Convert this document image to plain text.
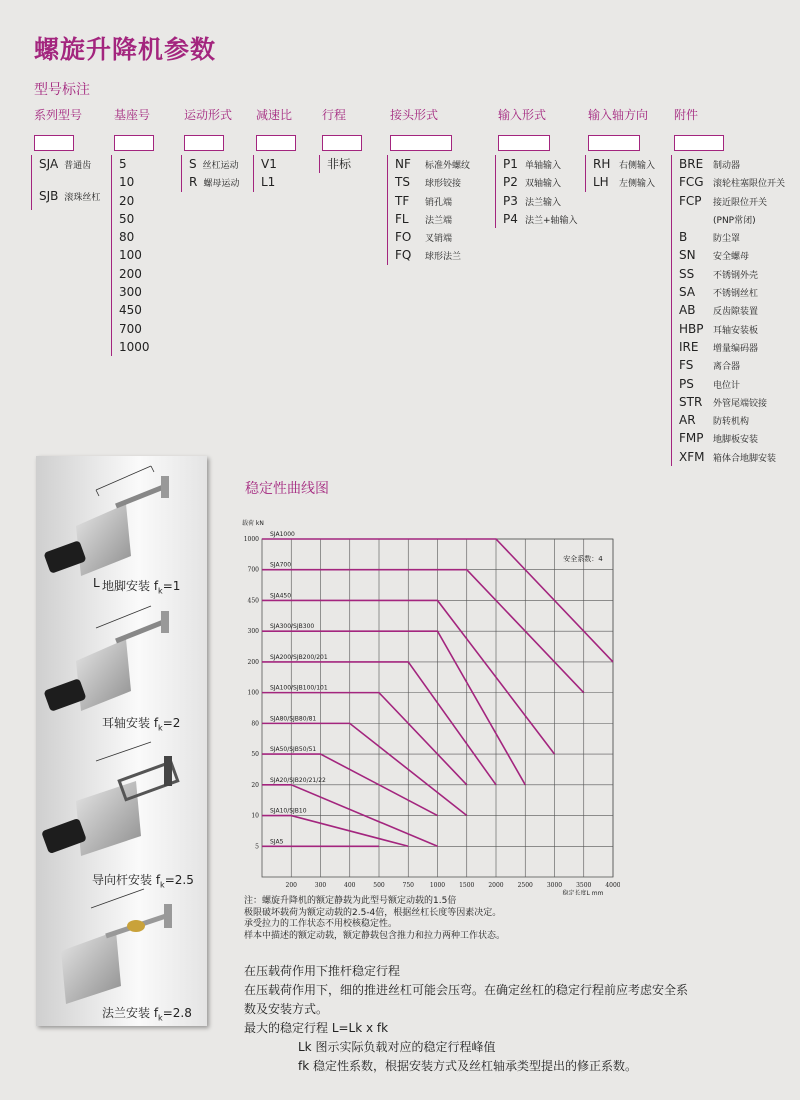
螺旋升降机参数
型号标注
系列型号
SJA 普通齿
SJB 滚珠丝杠
基座号
5
10
20
50
80
100
200
300
450
700
1000
运动形式
S 丝杠运动
R 螺母运动
减速比
V1
L1
行程
非标
接头形式
NF 标准外螺纹
TS 球形铰接
TF 销孔端
FL 法兰端
FO 叉销端
FQ 球形法兰
输入形式
P1 单轴输入
P2 双轴输入
P3 法兰输入
P4 法兰+轴输入
输入轴方向
RH 右侧输入
LH 左侧输入
附件
BRE 制动器
FCG 滚轮柱塞限位开关
FCP 接近限位开关
(PNP常闭)
B	防尘罩
SN 安全螺母
SS 不锈钢外壳
SA 不锈钢丝杠
AB 反齿隙装置
HBP 耳轴安装板
IRE 增量编码器
FS 离合器
PS 电位计
STR 外管尾端铰接
AR 防转机构
FMP 地脚板安装
XFM 箱体合地脚安装
L 地脚安装 $f_k=1$
耳轴安装 $f_k=2$
导向杆安装 $f_k=2.5$
法兰安装 $f_k=2.8$
稳定性曲线图
200	300	400	500	750	1000 1500 2000 2500 3000 3500 4000
5
10
20
50
80
100
200
300
450
700
1000
载荷 kN
稳定长度L mm
安全系数：4
SJA1000
SJA700
SJA450
SJA300/SJB300
SJA200/SJB200/201
SJA100/SJB100/101
SJA80/SJB80/81
SJA50/SJB50/51
SJA20/SJB20/21/22
SJA10/SJB10
SJA5
注：螺旋升降机的额定静载为此型号额定动载的1.5倍
极限破坏载荷为额定动载的2.5-4倍，根据丝杠长度等因素决定。
承受拉力的工作状态不用校核稳定性。
样本中描述的额定动载，额定静载包含推力和拉力两种工作状态。
在压载荷作用下推杆稳定行程
在压载荷作用下，细的推进丝杠可能会压弯。在确定丝杠的稳定行程前应考虑安全系
数及安装方式。
最大的稳定行程 L=Lk x fk
Lk 图示实际负载对应的稳定行程峰值
fk 稳定性系数，根据安装方式及丝杠轴承类型提出的修正系数。
